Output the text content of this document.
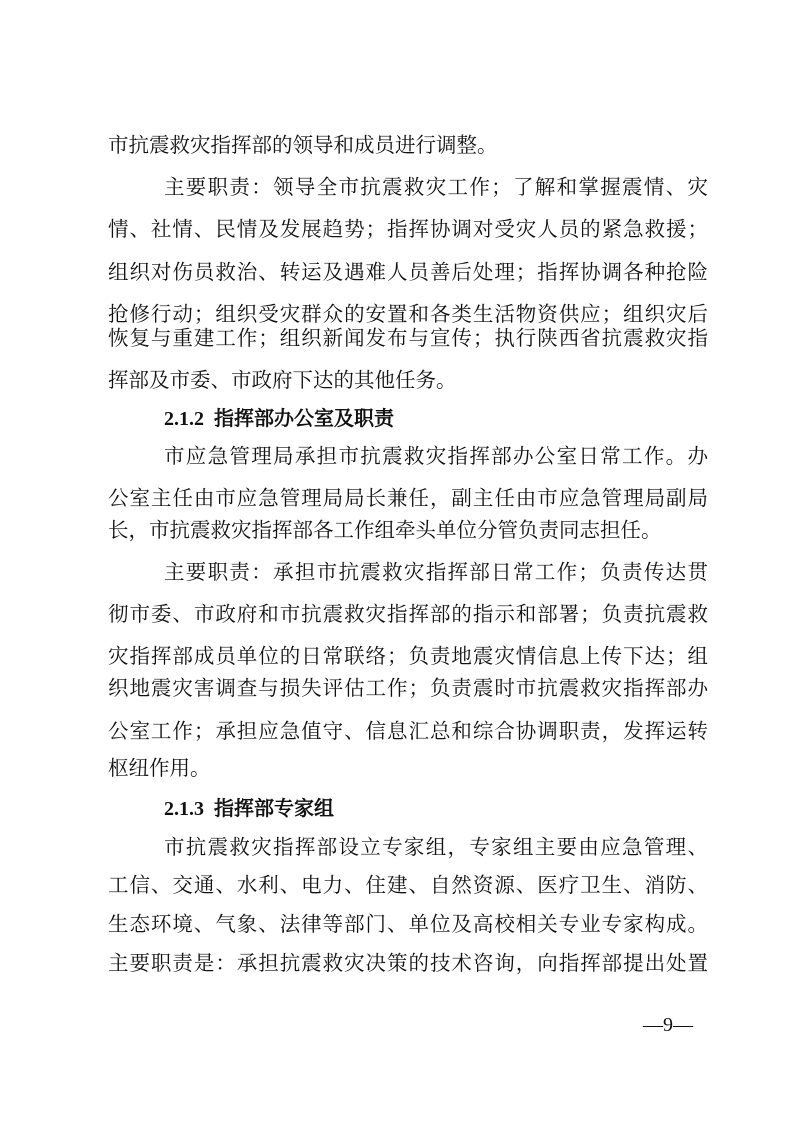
市抗震救灾指挥部的领导和成员进行调整。
主要职责：领导全市抗震救灾工作；了解和掌握震情、灾
情、社情、民情及发展趋势；指挥协调对受灾人员的紧急救援；
组织对伤员救治、转运及遇难人员善后处理；指挥协调各种抢险
抢修行动；组织受灾群众的安置和各类生活物资供应；组织灾后
恢复与重建工作；组织新闻发布与宣传；执行陕西省抗震救灾指
挥部及市委、市政府下达的其他任务。
2.1.2 指挥部办公室及职责
市应急管理局承担市抗震救灾指挥部办公室日常工作。办
公室主任由市应急管理局局长兼任，副主任由市应急管理局副局
长，市抗震救灾指挥部各工作组牵头单位分管负责同志担任。
主要职责：承担市抗震救灾指挥部日常工作；负责传达贯
彻市委、市政府和市抗震救灾指挥部的指示和部署；负责抗震救
灾指挥部成员单位的日常联络；负责地震灾情信息上传下达；组
织地震灾害调查与损失评估工作；负责震时市抗震救灾指挥部办
公室工作；承担应急值守、信息汇总和综合协调职责，发挥运转
枢纽作用。
2.1.3 指挥部专家组
市抗震救灾指挥部设立专家组，专家组主要由应急管理、
工信、交通、水利、电力、住建、自然资源、医疗卫生、消防、
生态环境、气象、法律等部门、单位及高校相关专业专家构成。
主要职责是：承担抗震救灾决策的技术咨询，向指挥部提出处置
—9—
